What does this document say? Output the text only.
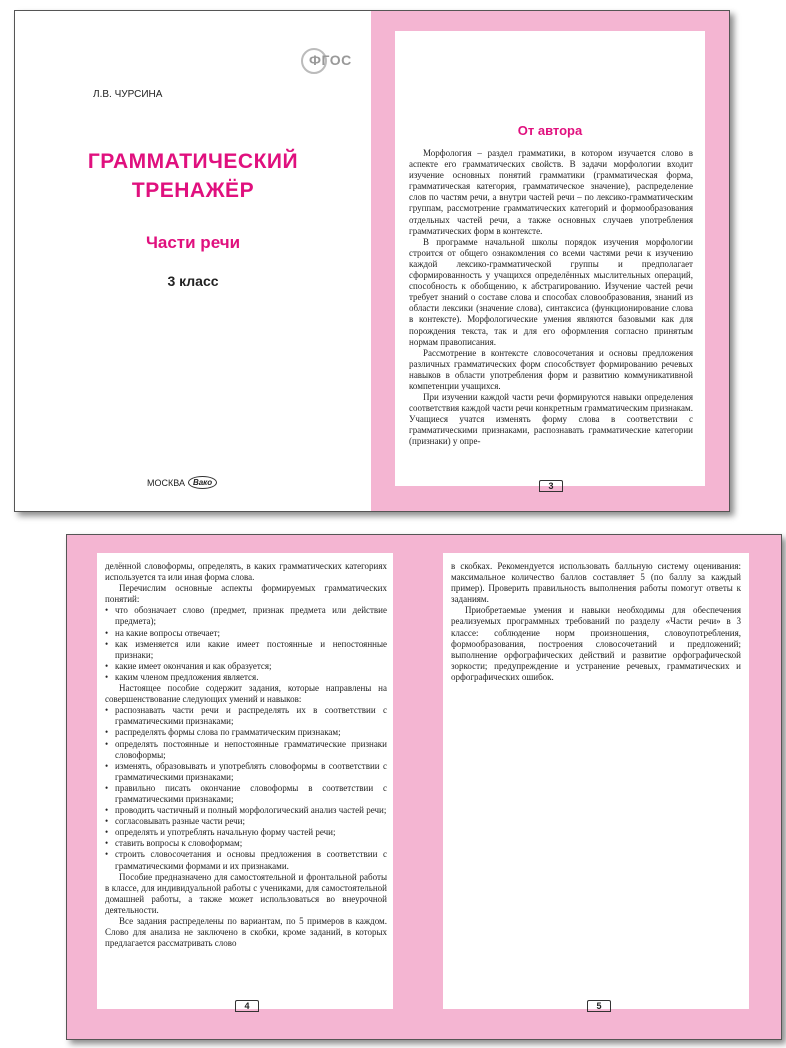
ФГОС
Л.В. ЧУРСИНА
ГРАММАТИЧЕСКИЙ
ТРЕНАЖЁР
Части речи
3 класс
МОСКВА	Вако
От автора

Морфология – раздел грамматики, в котором изучается слово в аспекте его грамматических свойств. В задачи морфологии входит изучение основных понятий грамматики (грамматическая форма, грамматическая категория, грамматическое значение), распределение слов по частям речи, а внутри частей речи – по лексико-грамматическим группам, рассмотрение грамматических категорий и формообразования отдельных частей речи, а также основных случаев употребления грамматических форм в контексте.

В программе начальной школы порядок изучения морфологии строится от общего ознакомления со всеми частями речи к изучению каждой лексико-грамматической группы и предполагает сформированность у учащихся определённых мыслительных операций, способность к обобщению, к абстрагированию. Изучение частей речи требует знаний о составе слова и способах словообразования, знаний из области лексики (значение слова), синтаксиса (функционирование слова в контексте). Морфологические умения являются базовыми как для порождения текста, так и для его оформления согласно принятым нормам правописания.

Рассмотрение в контексте словосочетания и основы предложения различных грамматических форм способствует формированию речевых навыков в области употребления форм и развитию коммуникативной компетенции учащихся.

При изучении каждой части речи формируются навыки определения соответствия каждой части речи конкретным грамматическим признакам. Учащиеся учатся изменять форму слова в соответствии с грамматическими признаками, распознавать грамматические категории (признаки) у опре-

3

делённой словоформы, определять, в каких грамматических категориях используется та или иная форма слова.

Перечислим основные аспекты формируемых грамматических понятий:

• что обозначает слово (предмет, признак предмета или действие предмета);

• на какие вопросы отвечает;

• как изменяется или какие имеет постоянные и непостоянные признаки;

• какие имеет окончания и как образуется;

• каким членом предложения является.

Настоящее пособие содержит задания, которые направлены на совершенствование следующих умений и навыков:

• распознавать части речи и распределять их в соответствии с грамматическими признаками;

• распределять формы слова по грамматическим признакам;

• определять постоянные и непостоянные грамматические признаки словоформы;

• изменять, образовывать и употреблять словоформы в соответствии с грамматическими признаками;

• правильно писать окончание словоформы в соответствии с грамматическими признаками;

• проводить частичный и полный морфологический анализ частей речи;

• согласовывать разные части речи;

• определять и употреблять начальную форму частей речи;

• ставить вопросы к словоформам;

• строить словосочетания и основы предложения в соответствии с грамматическими формами и их признаками.

Пособие предназначено для самостоятельной и фронтальной работы в классе, для индивидуальной работы с учениками, для самостоятельной домашней работы, а также может использоваться во внеурочной деятельности.

Все задания распределены по вариантам, по 5 примеров в каждом. Слово для анализа не заключено в скобки, кроме заданий, в которых предлагается рассматривать слово

4

в скобках. Рекомендуется использовать балльную систему оценивания: максимальное количество баллов составляет 5 (по баллу за каждый пример). Проверить правильность выполнения работы помогут ответы к заданиям.

Приобретаемые умения и навыки необходимы для обеспечения реализуемых программных требований по разделу «Части речи» в 3 классе: соблюдение норм произношения, словоупотребления, формообразования, построения словосочетаний и предложений; выполнение орфографических действий и развитие орфографической зоркости; предупреждение и устранение речевых, грамматических и орфографических ошибок.

5
